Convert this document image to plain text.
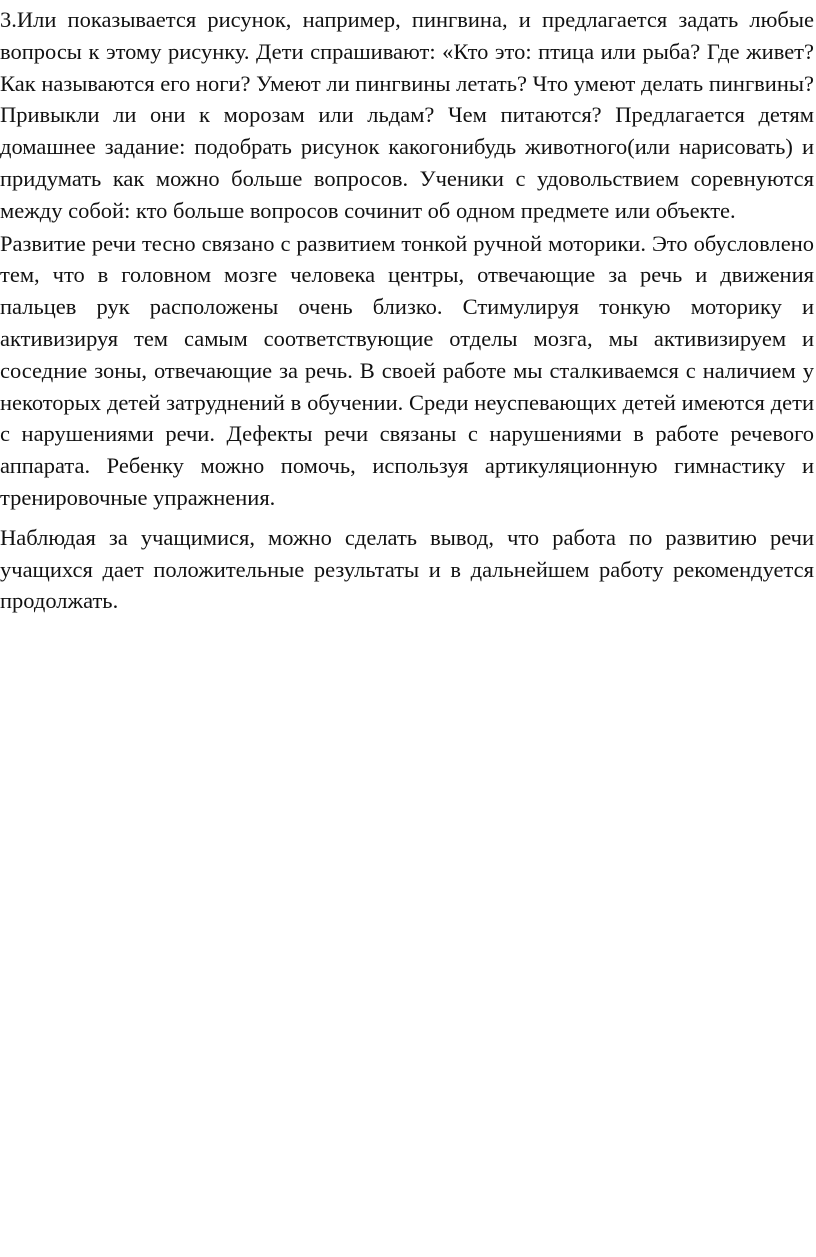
3.Или показывается рисунок, например, пингвина, и предлагается задать любые вопросы к этому рисунку. Дети спрашивают: «Кто это: птица или рыба? Где живет? Как называются его ноги? Умеют ли пингвины летать? Что умеют делать пингвины? Привыкли ли они к морозам или льдам? Чем питаются? Предлагается детям домашнее задание: подобрать рисунок какогонибудь животного(или нарисовать) и придумать как можно больше вопросов. Ученики с удовольствием соревнуются между собой: кто больше вопросов сочинит об одном предмете или объекте.

Развитие речи тесно связано с развитием тонкой ручной моторики. Это обусловлено тем, что в головном мозге человека центры, отвечающие за речь и движения пальцев рук расположены очень близко. Стимулируя тонкую моторику и активизируя тем самым соответствующие отделы мозга, мы активизируем и соседние зоны, отвечающие за речь. В своей работе мы сталкиваемся с наличием у некоторых детей затруднений в обучении. Среди неуспевающих детей имеются дети с нарушениями речи. Дефекты речи связаны с нарушениями в работе речевого аппарата. Ребенку можно помочь, используя артикуляционную гимнастику и тренировочные упражнения.

Наблюдая за учащимися, можно сделать вывод, что работа по развитию речи учащихся дает положительные результаты и в дальнейшем работу рекомендуется продолжать.
